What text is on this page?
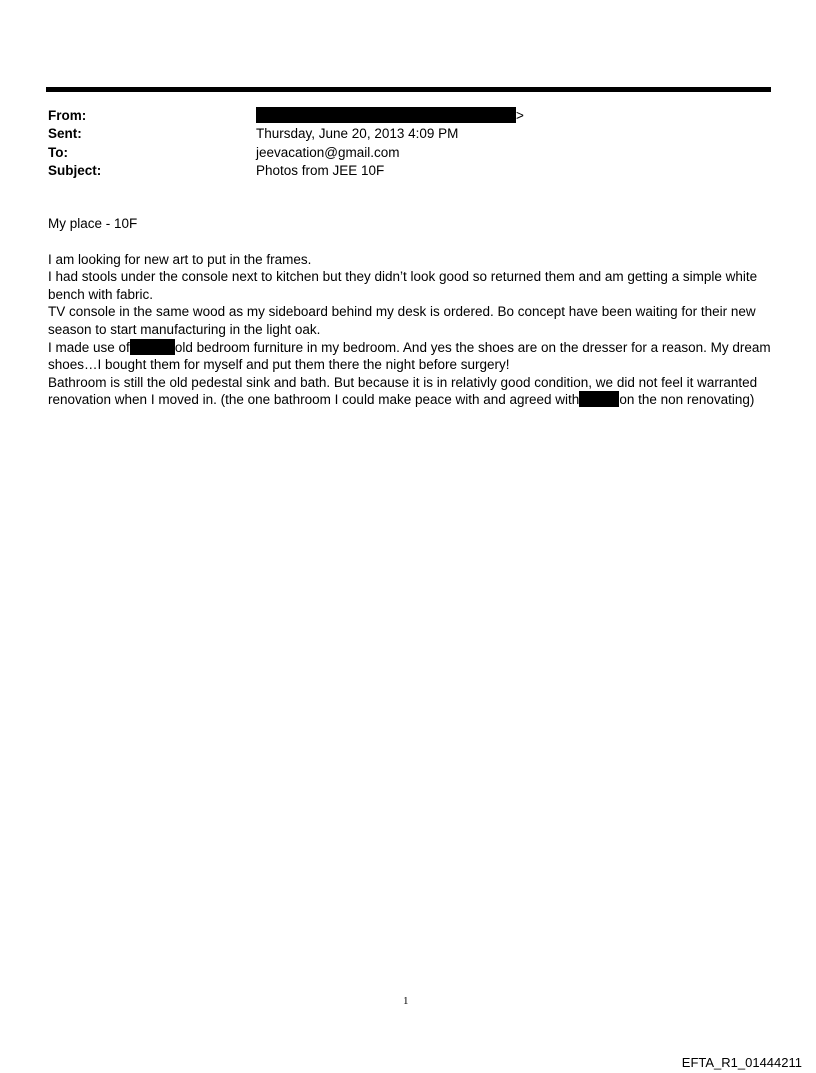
From:	>
Sent:	Thursday, June 20, 2013 4:09 PM
To:	jeevacation@gmail.com
Subject:	Photos from JEE 10F

My place - 10F

I am looking for new art to put in the frames.

I had stools under the console next to kitchen but they didn’t look good so returned them and am getting a simple white bench with fabric.

TV console in the same wood as my sideboard behind my desk is ordered. Bo concept have been waiting for their new season to start manufacturing in the light oak.

I made use of	old bedroom furniture in my bedroom. And yes the shoes are on the dresser for a reason. My dream shoes…I bought them for myself and put them there the night before surgery!

Bathroom is still the old pedestal sink and bath. But because it is in relativly good condition, we did not feel it warranted renovation when I moved in. (the one bathroom I could make peace with and agreed with	on the non renovating)

1
EFTA_R1_01444211
